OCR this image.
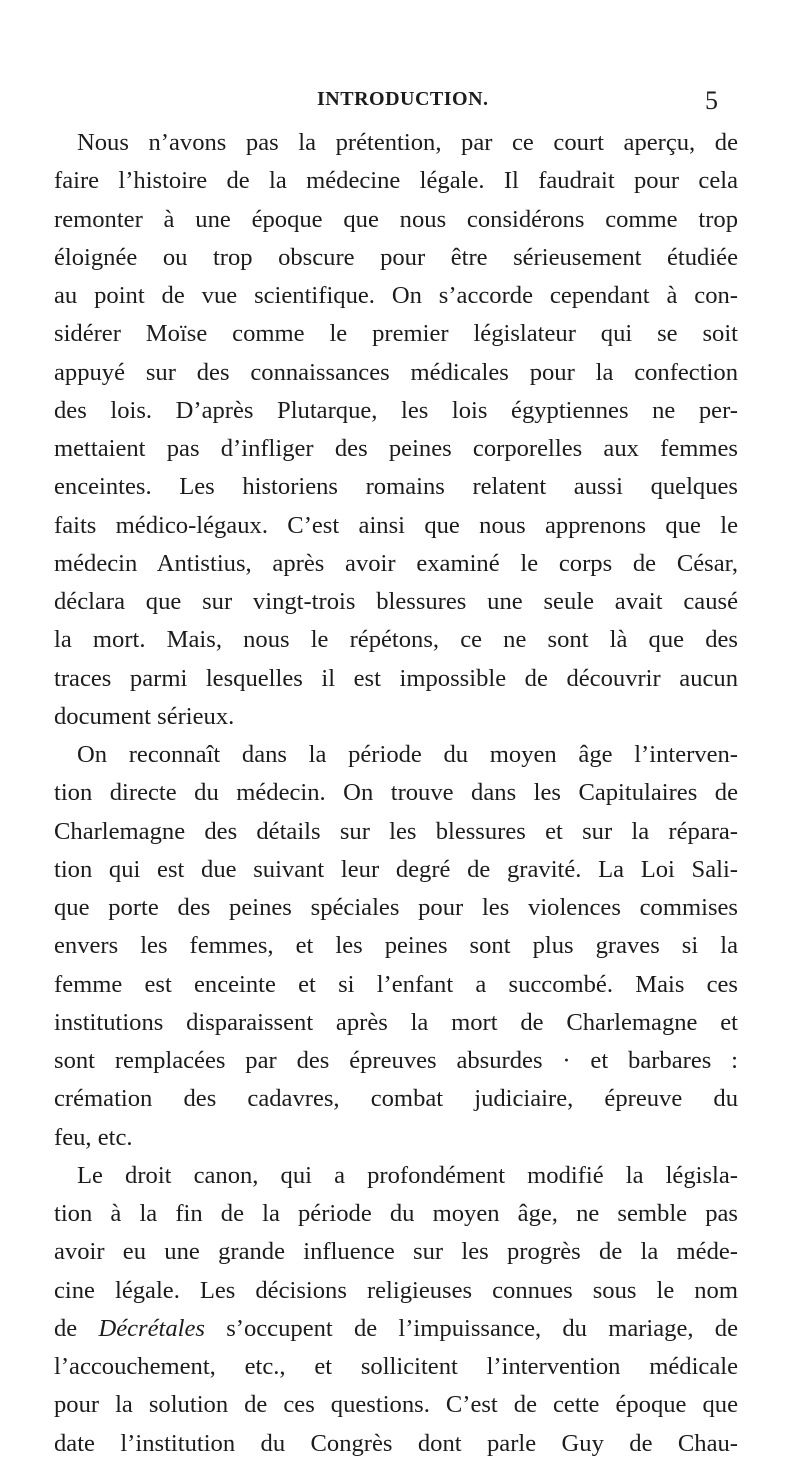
INTRODUCTION.	5
Nous n’avons pas la prétention, par ce court aperçu, de
faire l’histoire de la médecine légale. Il faudrait pour cela
remonter à une époque que nous considérons comme trop
éloignée ou trop obscure pour être sérieusement étudiée
au point de vue scientifique. On s’accorde cependant à con-
sidérer Moïse comme le premier législateur qui se soit
appuyé sur des connaissances médicales pour la confection
des lois. D’après Plutarque, les lois égyptiennes ne per-
mettaient pas d’infliger des peines corporelles aux femmes
enceintes. Les historiens romains relatent aussi quelques
faits médico-légaux. C’est ainsi que nous apprenons que le
médecin Antistius, après avoir examiné le corps de César,
déclara que sur vingt-trois blessures une seule avait causé
la mort. Mais, nous le répétons, ce ne sont là que des
traces parmi lesquelles il est impossible de découvrir aucun
document sérieux.
On reconnaît dans la période du moyen âge l’interven-
tion directe du médecin. On trouve dans les Capitulaires de
Charlemagne des détails sur les blessures et sur la répara-
tion qui est due suivant leur degré de gravité. La Loi Sali-
que porte des peines spéciales pour les violences commises
envers les femmes, et les peines sont plus graves si la
femme est enceinte et si l’enfant a succombé. Mais ces
institutions disparaissent après la mort de Charlemagne et
sont remplacées par des épreuves absurdes · et barbares :
crémation des cadavres, combat judiciaire, épreuve du
feu, etc.
Le droit canon, qui a profondément modifié la législa-
tion à la fin de la période du moyen âge, ne semble pas
avoir eu une grande influence sur les progrès de la méde-
cine légale. Les décisions religieuses connues sous le nom
de Décrétales s’occupent de l’impuissance, du mariage, de
l’accouchement, etc., et sollicitent l’intervention médicale
pour la solution de ces questions. C’est de cette époque que
date l’institution du Congrès dont parle Guy de Chau-
